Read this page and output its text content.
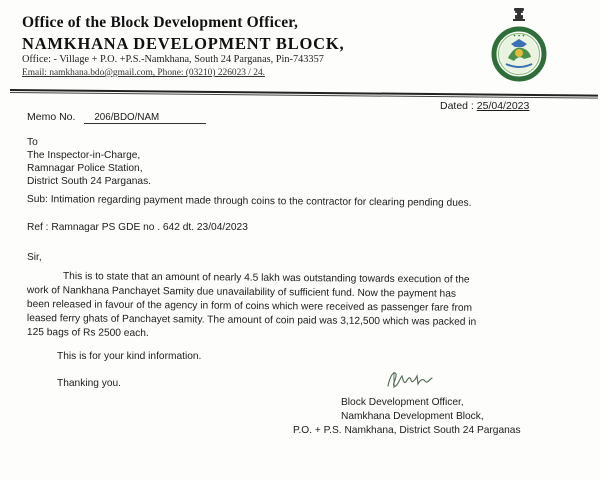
Office of the Block Development Officer,
NAMKHANA DEVELOPMENT BLOCK,
Office: - Village + P.O. +P.S.-Namkhana, South 24 Parganas, Pin-743357
Email: namkhana.bdo@gmail.com, Phone: (03210) 226023 / 24.
✦ ✦ ✦
Memo No. 206/BDO/NAM
Dated : 25/04/2023
To
The Inspector-in-Charge,
Ramnagar Police Station,
District South 24 Parganas.
Sub: Intimation regarding payment made through coins to the contractor for clearing pending dues.
Ref : Ramnagar PS GDE no . 642 dt. 23/04/2023
Sir,
This is to state that an amount of nearly 4.5 lakh was outstanding towards execution of the
work of Nankhana Panchayet Samity due unavailability of sufficient fund. Now the payment has
been released in favour of the agency in form of coins which were received as passenger fare from
leased ferry ghats of Panchayet samity. The amount of coin paid was 3,12,500 which was packed in
125 bags of Rs 2500 each.
This is for your kind information.
Thanking you.
Block Development Officer,
Namkhana Development Block,
P.O. + P.S. Namkhana, District South 24 Parganas
